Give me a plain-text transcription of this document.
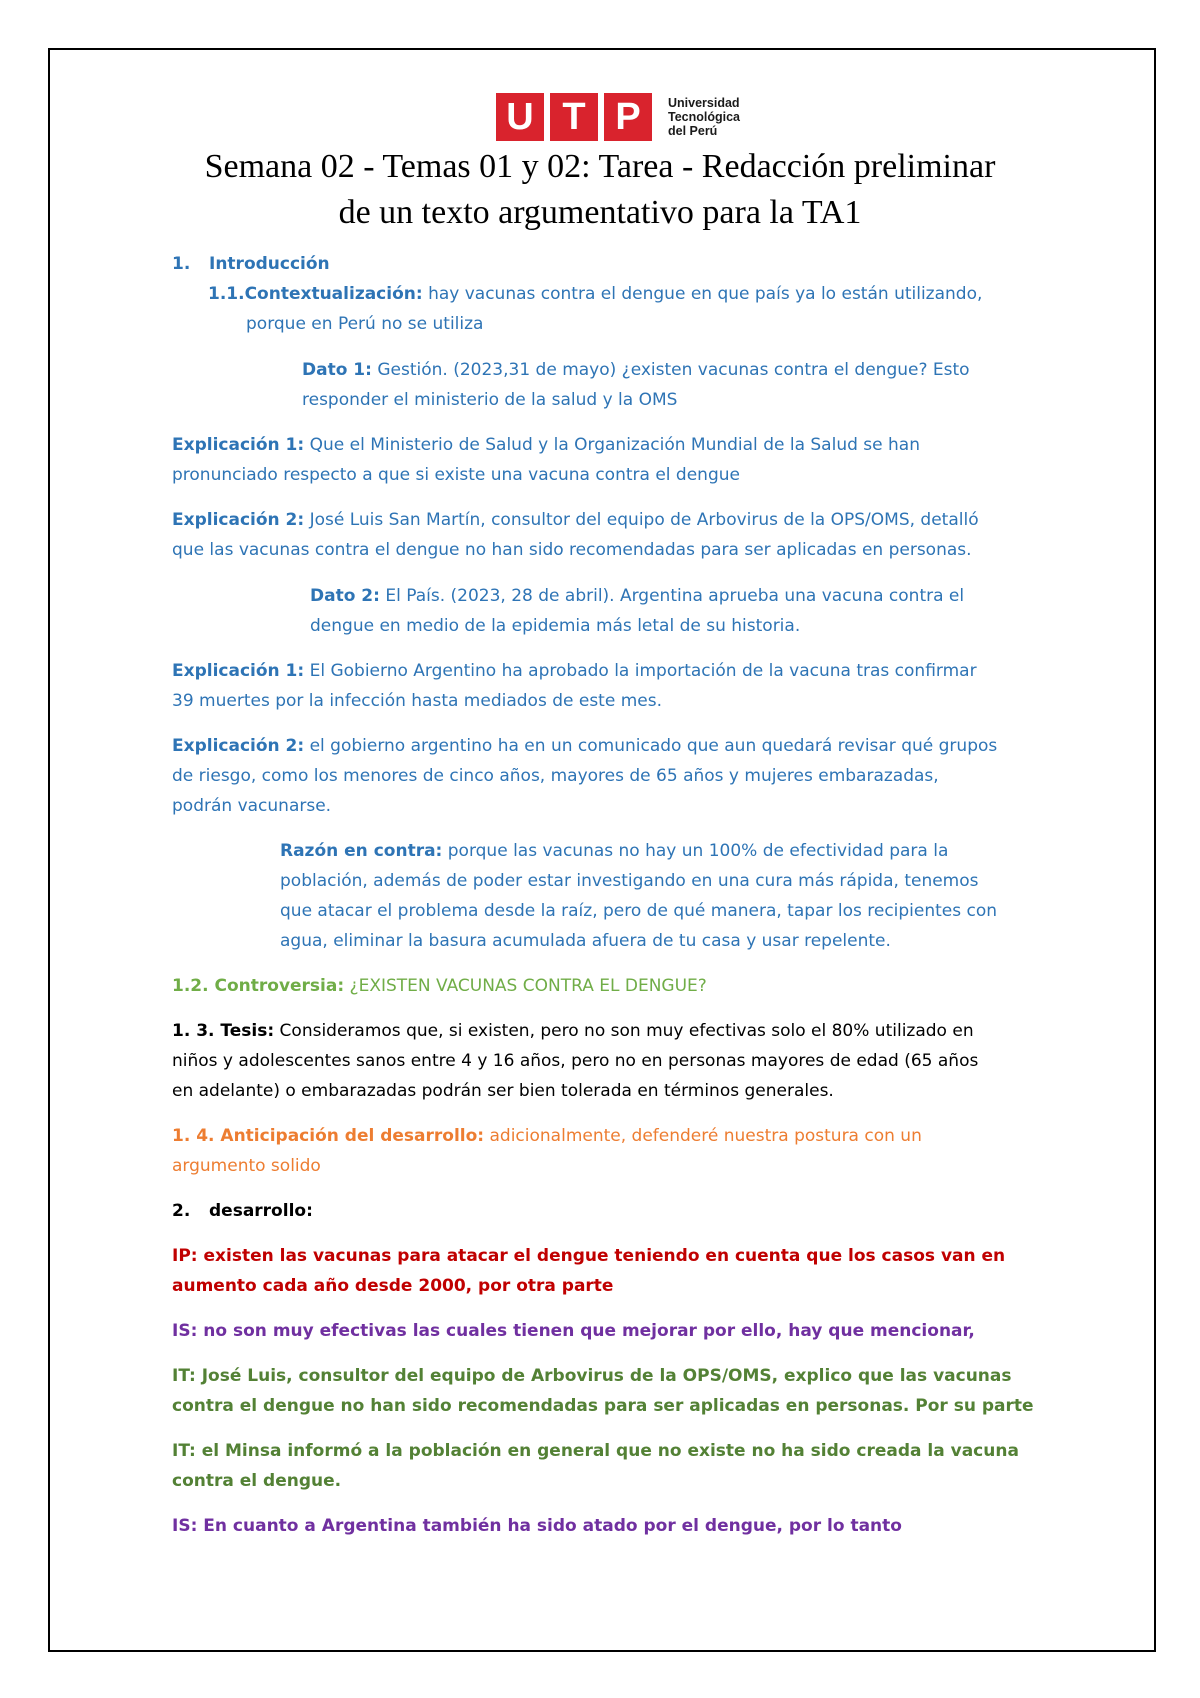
U T P	Universidad
Tecnológica
del Perú
Semana 02 - Temas 01 y 02: Tarea - Redacción preliminar
de un texto argumentativo para la TA1

1. Introducción

1.1.Contextualización: hay vacunas contra el dengue en que país ya lo están utilizando,

porque en Perú no se utiliza

Dato 1: Gestión. (2023,31 de mayo) ¿existen vacunas contra el dengue? Esto

responder el ministerio de la salud y la OMS

Explicación 1: Que el Ministerio de Salud y la Organización Mundial de la Salud se han

pronunciado respecto a que si existe una vacuna contra el dengue

Explicación 2: José Luis San Martín, consultor del equipo de Arbovirus de la OPS/OMS, detalló

que las vacunas contra el dengue no han sido recomendadas para ser aplicadas en personas.

Dato 2: El País. (2023, 28 de abril). Argentina aprueba una vacuna contra el

dengue en medio de la epidemia más letal de su historia.

Explicación 1: El Gobierno Argentino ha aprobado la importación de la vacuna tras confirmar

39 muertes por la infección hasta mediados de este mes.

Explicación 2: el gobierno argentino ha en un comunicado que aun quedará revisar qué grupos

de riesgo, como los menores de cinco años, mayores de 65 años y mujeres embarazadas,

podrán vacunarse.

Razón en contra: porque las vacunas no hay un 100% de efectividad para la

población, además de poder estar investigando en una cura más rápida, tenemos

que atacar el problema desde la raíz, pero de qué manera, tapar los recipientes con

agua, eliminar la basura acumulada afuera de tu casa y usar repelente.

1.2. Controversia: ¿EXISTEN VACUNAS CONTRA EL DENGUE?

1. 3. Tesis: Consideramos que, si existen, pero no son muy efectivas solo el 80% utilizado en

niños y adolescentes sanos entre 4 y 16 años, pero no en personas mayores de edad (65 años

en adelante) o embarazadas podrán ser bien tolerada en términos generales.

1. 4. Anticipación del desarrollo: adicionalmente, defenderé nuestra postura con un

argumento solido

2. desarrollo:

IP: existen las vacunas para atacar el dengue teniendo en cuenta que los casos van en

aumento cada año desde 2000, por otra parte

IS: no son muy efectivas las cuales tienen que mejorar por ello, hay que mencionar,

IT: José Luis, consultor del equipo de Arbovirus de la OPS/OMS, explico que las vacunas

contra el dengue no han sido recomendadas para ser aplicadas en personas. Por su parte

IT: el Minsa informó a la población en general que no existe no ha sido creada la vacuna

contra el dengue.

IS: En cuanto a Argentina también ha sido atado por el dengue, por lo tanto
